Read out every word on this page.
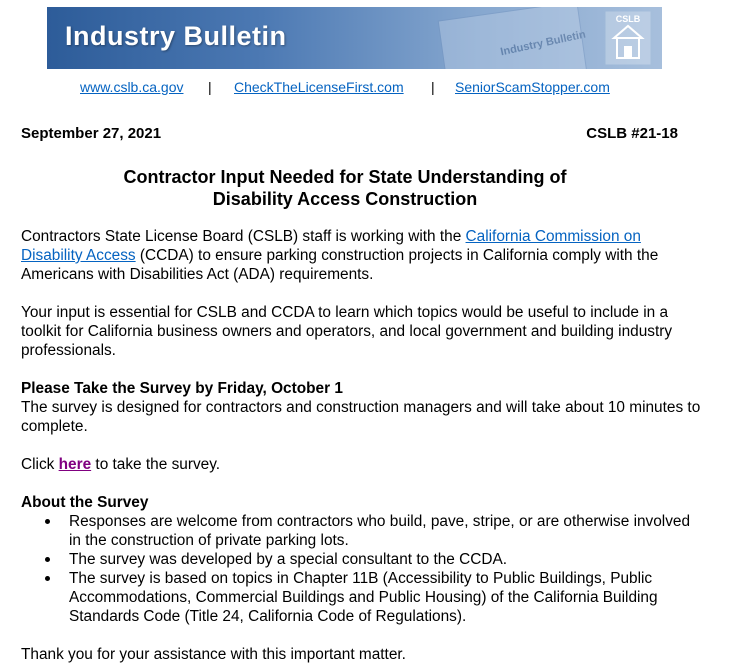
Industry Bulletin	Industry Bulletin
CSLB
www.cslb.ca.gov | CheckTheLicenseFirst.com | SeniorScamStopper.com
September 27, 2021	CSLB #21-18
Contractor Input Needed for State Understanding of
Disability Access Construction
Contractors State License Board (CSLB) staff is working with the California Commission on Disability Access (CCDA) to ensure parking construction projects in California comply with the Americans with Disabilities Act (ADA) requirements.
Your input is essential for CSLB and CCDA to learn which topics would be useful to include in a toolkit for California business owners and operators, and local government and building industry professionals.
Please Take the Survey by Friday, October 1
The survey is designed for contractors and construction managers and will take about 10 minutes to complete.
Click here to take the survey.
About the Survey
Responses are welcome from contractors who build, pave, stripe, or are otherwise involved in the construction of private parking lots.
The survey was developed by a special consultant to the CCDA.
The survey is based on topics in Chapter 11B (Accessibility to Public Buildings, Public Accommodations, Commercial Buildings and Public Housing) of the California Building Standards Code (Title 24, California Code of Regulations).
Thank you for your assistance with this important matter.
